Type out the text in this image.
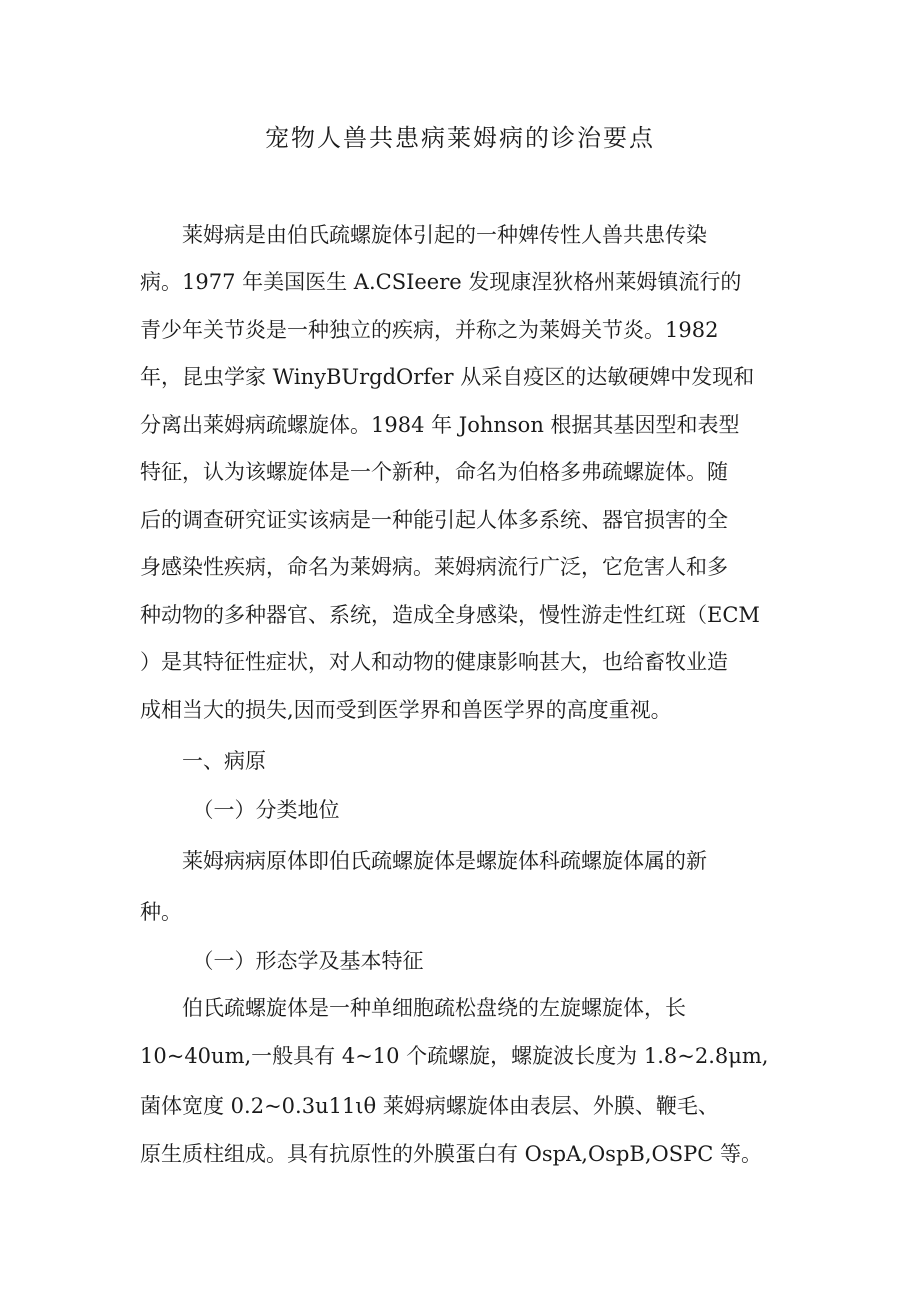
宠物人兽共患病莱姆病的诊治要点
　　莱姆病是由伯氏疏螺旋体引起的一种婢传性人兽共患传染
病。1977 年美国医生 A.CSIeere 发现康涅狄格州莱姆镇流行的
青少年关节炎是一种独立的疾病，并称之为莱姆关节炎。1982
年，昆虫学家 WinyBUrgdOrfer 从采自疫区的达敏硬婢中发现和
分离出莱姆病疏螺旋体。1984 年 Johnson 根据其基因型和表型
特征，认为该螺旋体是一个新种，命名为伯格多弗疏螺旋体。随
后的调查研究证实该病是一种能引起人体多系统、器官损害的全
身感染性疾病，命名为莱姆病。莱姆病流行广泛，它危害人和多
种动物的多种器官、系统，造成全身感染，慢性游走性红斑（ECM
）是其特征性症状，对人和动物的健康影响甚大，也给畜牧业造
成相当大的损失,因而受到医学界和兽医学界的高度重视。
　　一、病原
　　　（一）分类地位
　　莱姆病病原体即伯氏疏螺旋体是螺旋体科疏螺旋体属的新
种。
　　　（一）形态学及基本特征
　　伯氏疏螺旋体是一种单细胞疏松盘绕的左旋螺旋体，长
10~40um,一般具有 4~10 个疏螺旋，螺旋波长度为 1.8~2.8μm,
菌体宽度 0.2~0.3u11ιθ 莱姆病螺旋体由表层、外膜、鞭毛、
原生质柱组成。具有抗原性的外膜蛋白有 OspA,OspB,OSPC 等。
